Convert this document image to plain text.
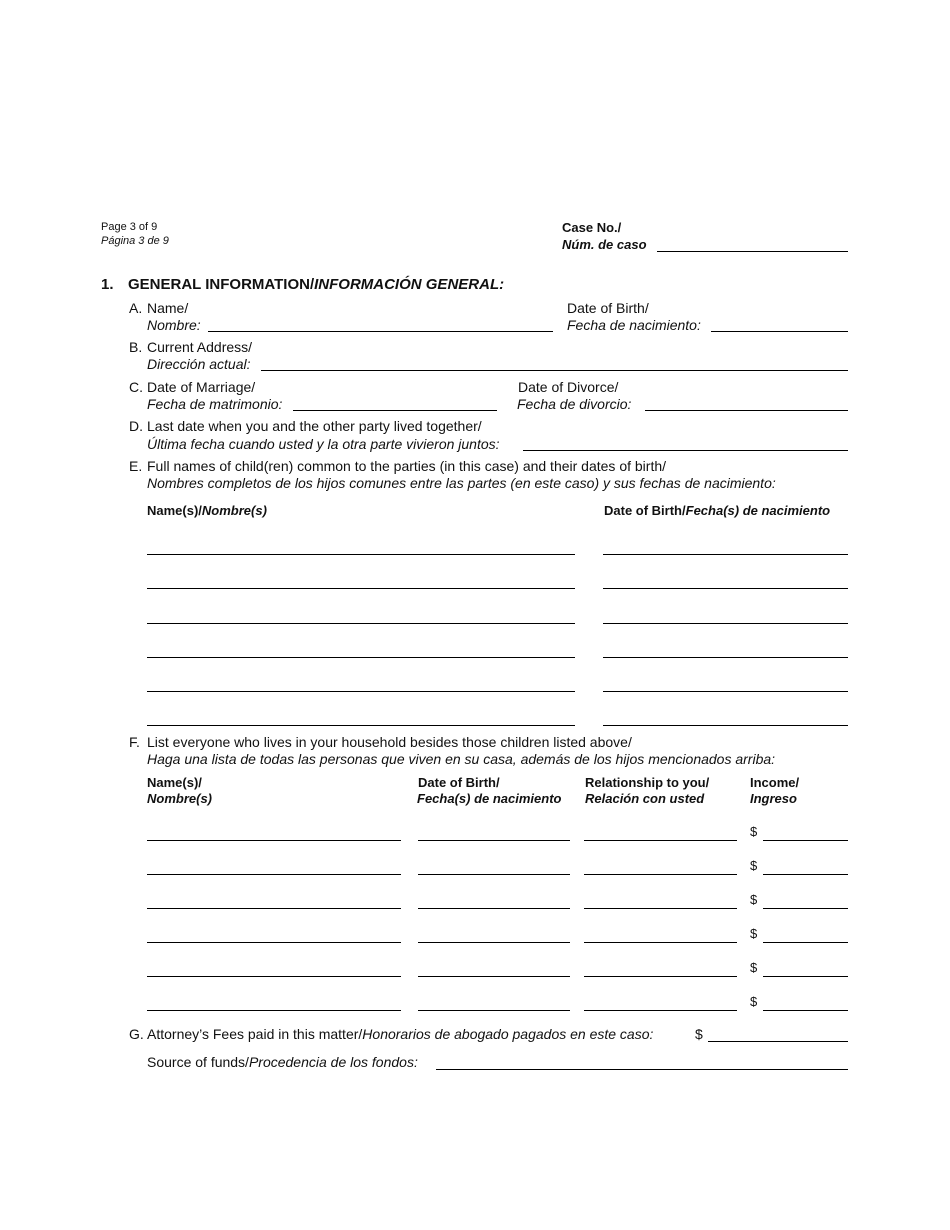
Page 3 of 9
Página 3 de 9
Case No./
Núm. de caso
1. GENERAL INFORMATION/INFORMACIÓN GENERAL:
A. Name/
Nombre:
Date of Birth/
Fecha de nacimiento:
B. Current Address/
Dirección actual:
C. Date of Marriage/
Fecha de matrimonio:
Date of Divorce/
Fecha de divorcio:
D. Last date when you and the other party lived together/
Última fecha cuando usted y la otra parte vivieron juntos:
E. Full names of child(ren) common to the parties (in this case) and their dates of birth/
Nombres completos de los hijos comunes entre las partes (en este caso) y sus fechas de nacimiento:
Name(s)/Nombre(s)	Date of Birth/Fecha(s) de nacimiento
F. List everyone who lives in your household besides those children listed above/
Haga una lista de todas las personas que viven en su casa, además de los hijos mencionados arriba:
Name(s)/
Nombre(s)
Date of Birth/
Fecha(s) de nacimiento
Relationship to you/
Relación con usted
Income/
Ingreso
$
$
$
$
$
$
G. Attorney’s Fees paid in this matter/Honorarios de abogado pagados en este caso:	$
Source of funds/Procedencia de los fondos:
